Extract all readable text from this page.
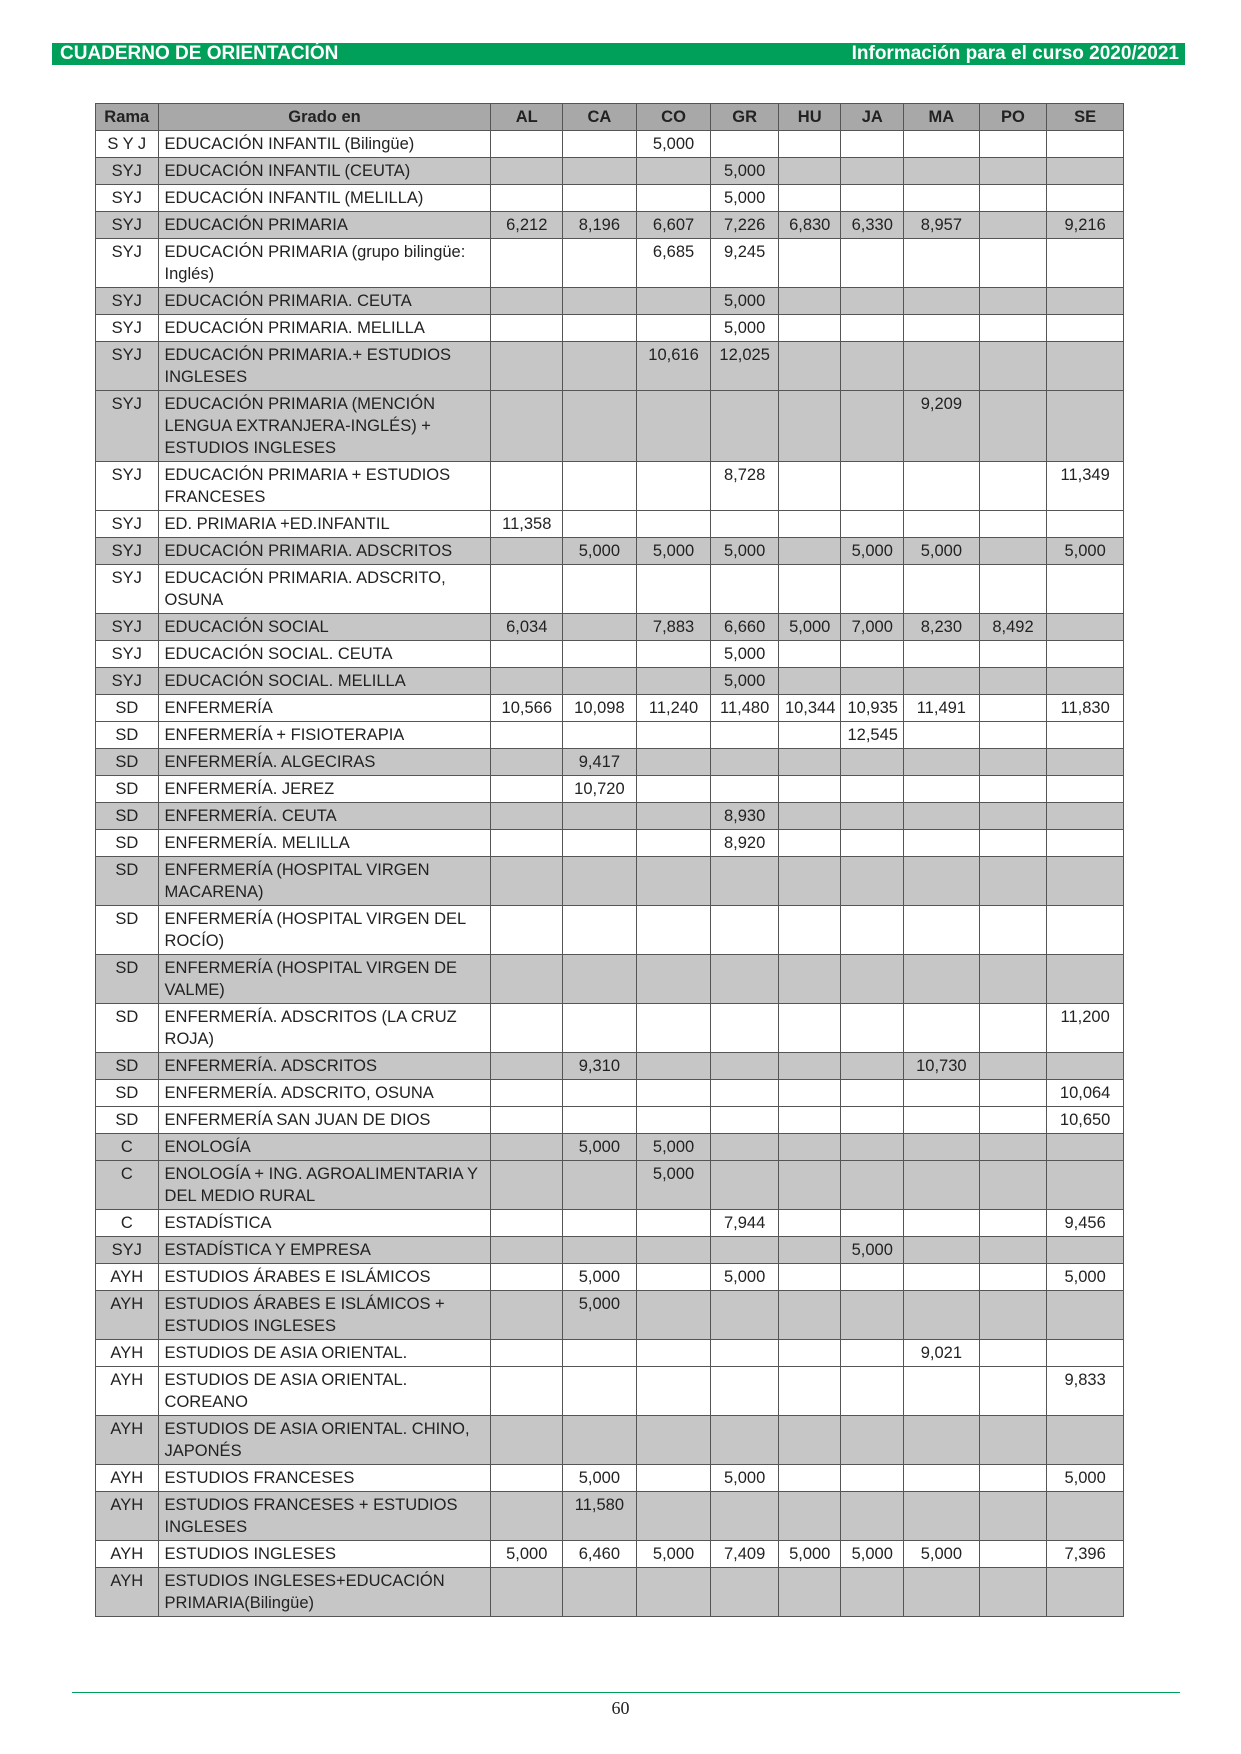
CUADERNO DE ORIENTACIÓN	Información para el curso 2020/2021
Rama	Grado en	AL	CA	CO	GR	HU	JA	MA	PO	SE
S Y J	EDUCACIÓN INFANTIL (Bilingüe)			5,000						
SYJ	EDUCACIÓN INFANTIL (CEUTA)				5,000					
SYJ	EDUCACIÓN INFANTIL (MELILLA)				5,000					
SYJ	EDUCACIÓN PRIMARIA	6,212	8,196	6,607	7,226	6,830	6,330	8,957		9,216
SYJ	EDUCACIÓN PRIMARIA (grupo bilingüe: Inglés)			6,685	9,245					
SYJ	EDUCACIÓN PRIMARIA. CEUTA				5,000					
SYJ	EDUCACIÓN PRIMARIA. MELILLA				5,000					
SYJ	EDUCACIÓN PRIMARIA.+ ESTUDIOS INGLESES			10,616	12,025					
SYJ	EDUCACIÓN PRIMARIA (MENCIÓN LENGUA EXTRANJERA-INGLÉS) + ESTUDIOS INGLESES							9,209		
SYJ	EDUCACIÓN PRIMARIA + ESTUDIOS FRANCESES				8,728					11,349
SYJ	ED. PRIMARIA +ED.INFANTIL	11,358								
SYJ	EDUCACIÓN PRIMARIA. ADSCRITOS		5,000	5,000	5,000		5,000	5,000		5,000
SYJ	EDUCACIÓN PRIMARIA. ADSCRITO, OSUNA									
SYJ	EDUCACIÓN SOCIAL	6,034		7,883	6,660	5,000	7,000	8,230	8,492	
SYJ	EDUCACIÓN SOCIAL. CEUTA				5,000					
SYJ	EDUCACIÓN SOCIAL. MELILLA				5,000					
SD	ENFERMERÍA	10,566	10,098	11,240	11,480	10,344	10,935	11,491		11,830
SD	ENFERMERÍA + FISIOTERAPIA						12,545			
SD	ENFERMERÍA. ALGECIRAS		9,417							
SD	ENFERMERÍA. JEREZ		10,720							
SD	ENFERMERÍA. CEUTA				8,930					
SD	ENFERMERÍA. MELILLA				8,920					
SD	ENFERMERÍA (HOSPITAL VIRGEN MACARENA)									
SD	ENFERMERÍA (HOSPITAL VIRGEN DEL ROCÍO)									
SD	ENFERMERÍA (HOSPITAL VIRGEN DE VALME)									
SD	ENFERMERÍA. ADSCRITOS (LA CRUZ ROJA)									11,200
SD	ENFERMERÍA. ADSCRITOS		9,310					10,730		
SD	ENFERMERÍA. ADSCRITO, OSUNA									10,064
SD	ENFERMERÍA SAN JUAN DE DIOS									10,650
C	ENOLOGÍA		5,000	5,000						
C	ENOLOGÍA + ING. AGROALIMENTARIA Y DEL MEDIO RURAL			5,000						
C	ESTADÍSTICA				7,944					9,456
SYJ	ESTADÍSTICA Y EMPRESA						5,000			
AYH	ESTUDIOS ÁRABES E ISLÁMICOS		5,000		5,000					5,000
AYH	ESTUDIOS ÁRABES E ISLÁMICOS + ESTUDIOS INGLESES		5,000							
AYH	ESTUDIOS DE ASIA ORIENTAL.							9,021		
AYH	ESTUDIOS DE ASIA ORIENTAL. COREANO									9,833
AYH	ESTUDIOS DE ASIA ORIENTAL. CHINO, JAPONÉS									
AYH	ESTUDIOS FRANCESES		5,000		5,000					5,000
AYH	ESTUDIOS FRANCESES + ESTUDIOS INGLESES		11,580							
AYH	ESTUDIOS INGLESES	5,000	6,460	5,000	7,409	5,000	5,000	5,000		7,396
AYH	ESTUDIOS INGLESES+EDUCACIÓN PRIMARIA(Bilingüe)									
60
